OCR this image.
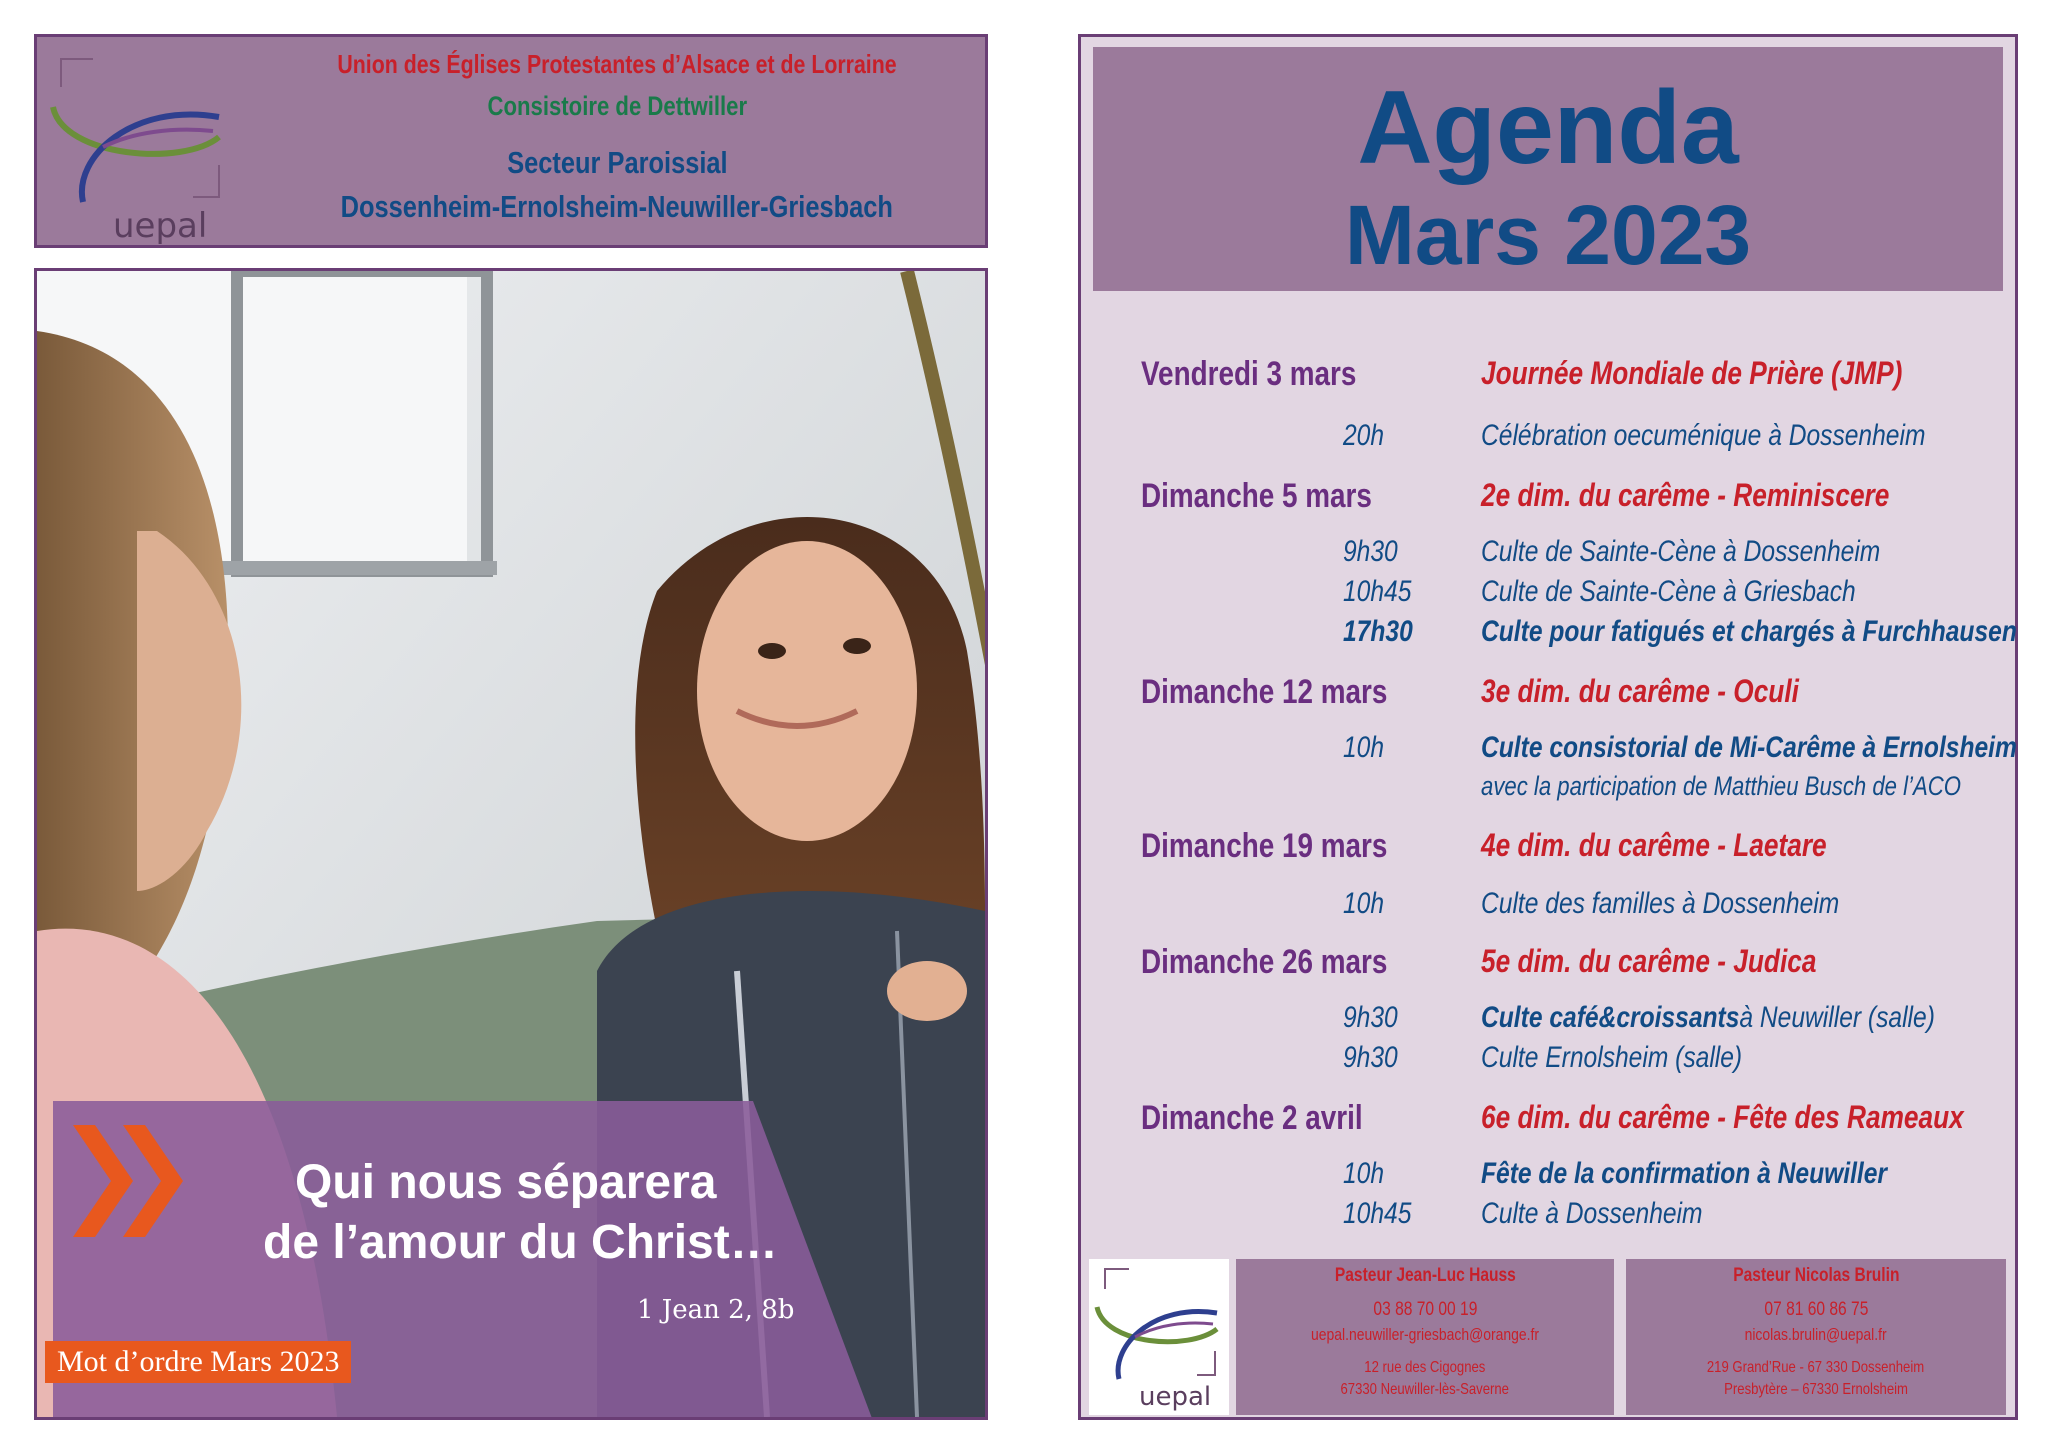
uepal
Union des Églises Protestantes d’Alsace et de Lorraine
Consistoire de Dettwiller
Secteur Paroissial
Dossenheim-Ernolsheim-Neuwiller-Griesbach
Qui nous séparera
de l’amour du Christ…
1 Jean 2, 8b
Mot d’ordre Mars 2023
Agenda
Mars 2023
Vendredi 3 mars	Journée Mondiale de Prière (JMP)
20h	Célébration oecuménique à Dossenheim
Dimanche 5 mars	2e dim. du carême - Reminiscere
9h30	Culte de Sainte-Cène à Dossenheim
10h45	Culte de Sainte-Cène à Griesbach
17h30	Culte pour fatigués et chargés à Furchhausen
Dimanche 12 mars	3e dim. du carême - Oculi
10h	Culte consistorial de Mi-Carême à Ernolsheim
avec la participation de Matthieu Busch de l’ACO
Dimanche 19 mars	4e dim. du carême - Laetare
10h	Culte des familles à Dossenheim
Dimanche 26 mars	5e dim. du carême - Judica
9h30	Culte café&croissantsà Neuwiller (salle)
9h30	Culte Ernolsheim (salle)
Dimanche 2 avril	6e dim. du carême - Fête des Rameaux
10h	Fête de la confirmation à Neuwiller
10h45	Culte à Dossenheim
uepal
Pasteur Jean-Luc Hauss
03 88 70 00 19
uepal.neuwiller-griesbach@orange.fr
12 rue des Cigognes
67330 Neuwiller-lès-Saverne
Pasteur Nicolas Brulin
07 81 60 86 75
nicolas.brulin@uepal.fr
219 Grand’Rue - 67 330 Dossenheim
Presbytère – 67330 Ernolsheim
